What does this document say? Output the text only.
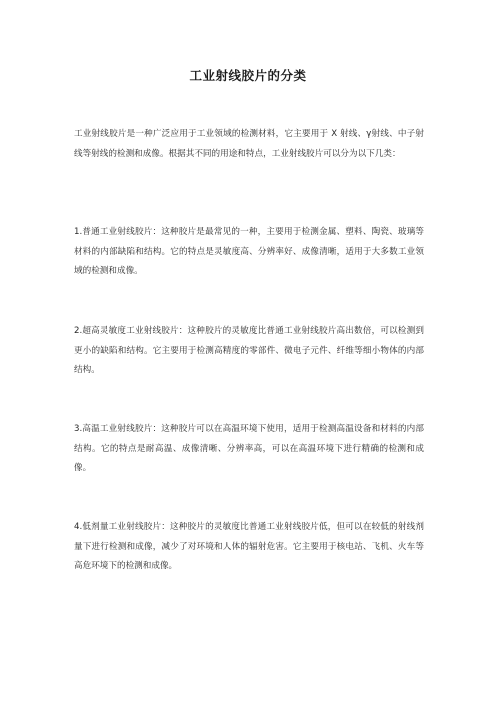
工业射线胶片的分类

工业射线胶片是一种广泛应用于工业领域的检测材料，它主要用于 X 射线、γ射线、中子射线等射线的检测和成像。根据其不同的用途和特点，工业射线胶片可以分为以下几类：

1.普通工业射线胶片：这种胶片是最常见的一种，主要用于检测金属、塑料、陶瓷、玻璃等材料的内部缺陷和结构。它的特点是灵敏度高、分辨率好、成像清晰，适用于大多数工业领域的检测和成像。

2.超高灵敏度工业射线胶片：这种胶片的灵敏度比普通工业射线胶片高出数倍，可以检测到更小的缺陷和结构。它主要用于检测高精度的零部件、微电子元件、纤维等细小物体的内部结构。

3.高温工业射线胶片：这种胶片可以在高温环境下使用，适用于检测高温设备和材料的内部结构。它的特点是耐高温、成像清晰、分辨率高，可以在高温环境下进行精确的检测和成像。

4.低剂量工业射线胶片：这种胶片的灵敏度比普通工业射线胶片低，但可以在较低的射线剂量下进行检测和成像，减少了对环境和人体的辐射危害。它主要用于核电站、飞机、火车等高危环境下的检测和成像。
